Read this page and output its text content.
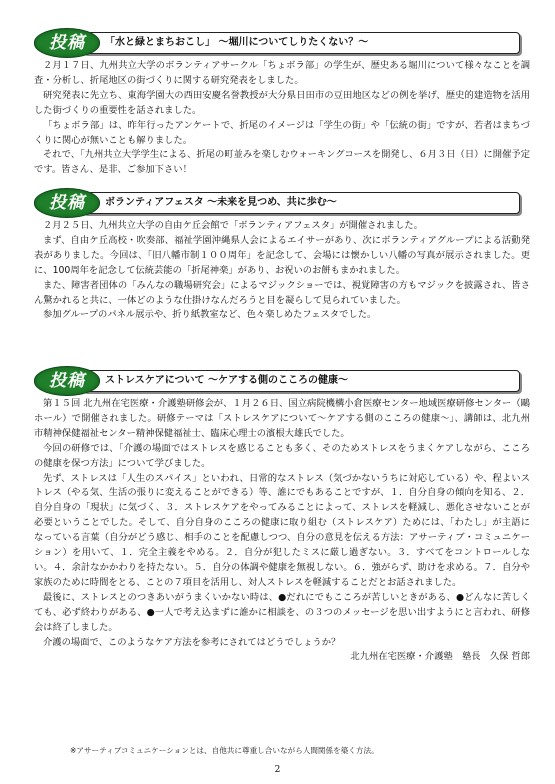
「水と緑とまちおこし」 〜堀川についてしりたくない？〜
投稿

２月１７日、九州共立大学のボランティアサークル「ちょボラ部」の学生が、歴史ある堀川について様々なことを調査・分析し、折尾地区の街づくりに関する研究発表をしました。

研究発表に先立ち、東海学園大の西田安慶名誉教授が大分県日田市の豆田地区などの例を挙げ、歴史的建造物を活用した街づくりの重要性を話されました。

「ちょボラ部」は、昨年行ったアンケートで、折尾のイメージは「学生の街」や「伝統の街」ですが、若者はまちづくりに関心が無いことも解りました。

それで、「九州共立大学学生による、折尾の町並みを楽しむウォーキングコースを開発し、６月３日（日）に開催予定です。皆さん、是非、ご参加下さい！

ボランティアフェスタ 〜未来を見つめ、共に歩む〜
投稿

２月２５日、九州共立大学の自由ケ丘会館で「ボランティアフェスタ」が開催されました。

まず、自由ケ丘高校・吹奏部、福祉学園沖縄県人会によるエイサーがあり、次にボランティアグループによる活動発表がありました。今回は、「旧八幡市制１００周年」を記念して、会場には懐かしい八幡の写真が展示されました。更に、100周年を記念して伝統芸能の「折尾神楽」があり、お祝いのお餅もまかれました。

また、障害者団体の「みんなの職場研究会」によるマジックショーでは、視覚障害の方もマジックを披露され、皆さん驚かれると共に、一体どのような仕掛けなんだろうと目を凝らして見られていました。

参加グループのパネル展示や、折り紙教室など、色々楽しめたフェスタでした。

ストレスケアについて 〜ケアする側のこころの健康〜
投稿

第１５回 北九州在宅医療・介護塾研修会が、１月２６日、国立病院機構小倉医療センター地域医療研修センター（鷗ホール）で開催されました。研修テーマは「ストレスケアについて〜ケアする側のこころの健康〜」、講師は、北九州市精神保健福祉センター精神保健福祉士、臨床心理士の濱根大雄氏でした。

今回の研修では、「介護の場面ではストレスを感じることも多く、そのためストレスをうまくケアしながら、こころの健康を保つ方法」について学びました。

先ず、ストレスは「人生のスパイス」といわれ、日常的なストレス（気づかないうちに対応している）や、程よいストレス（やる気、生活の張りに変えることができる）等、誰にでもあることですが、１．自分自身の傾向を知る、２．自分自身の「現状」に気づく、３．ストレスケアをやってみることによって、ストレスを軽減し、悪化させないことが必要ということでした。そして、自分自身のこころの健康に取り組む（ストレスケア）ためには、「わたし」が主語になっている言葉（自分がどう感じ、相手のことを配慮しつつ、自分の意見を伝える方法：アサーティブ・コミュニケーション）を用いて、１．完全主義をやめる。２．自分が犯したミスに厳し過ぎない。３．すべてをコントロールしない。４．余計なかかわりを持たない。５．自分の体調や健康を無視しない。６．強がらず、助けを求める。７．自分や家族のために時間をとる、ことの７項目を活用し、対人ストレスを軽減することだとお話されました。

最後に、ストレスとのつきあいがうまくいかない時は、●だれにでもこころが苦しいときがある、●どんなに苦しくても、必ず終わりがある、●一人で考え込まずに誰かに相談を、の３つのメッセージを思い出すようにと言われ、研修会は終了しました。

介護の場面で、このようなケア方法を参考にされてはどうでしょうか？

北九州在宅医療・介護塾　塾長　久保 哲郎

※アサーティブコミュニケーションとは、自他共に尊重し合いながら人間関係を築く方法。
2
